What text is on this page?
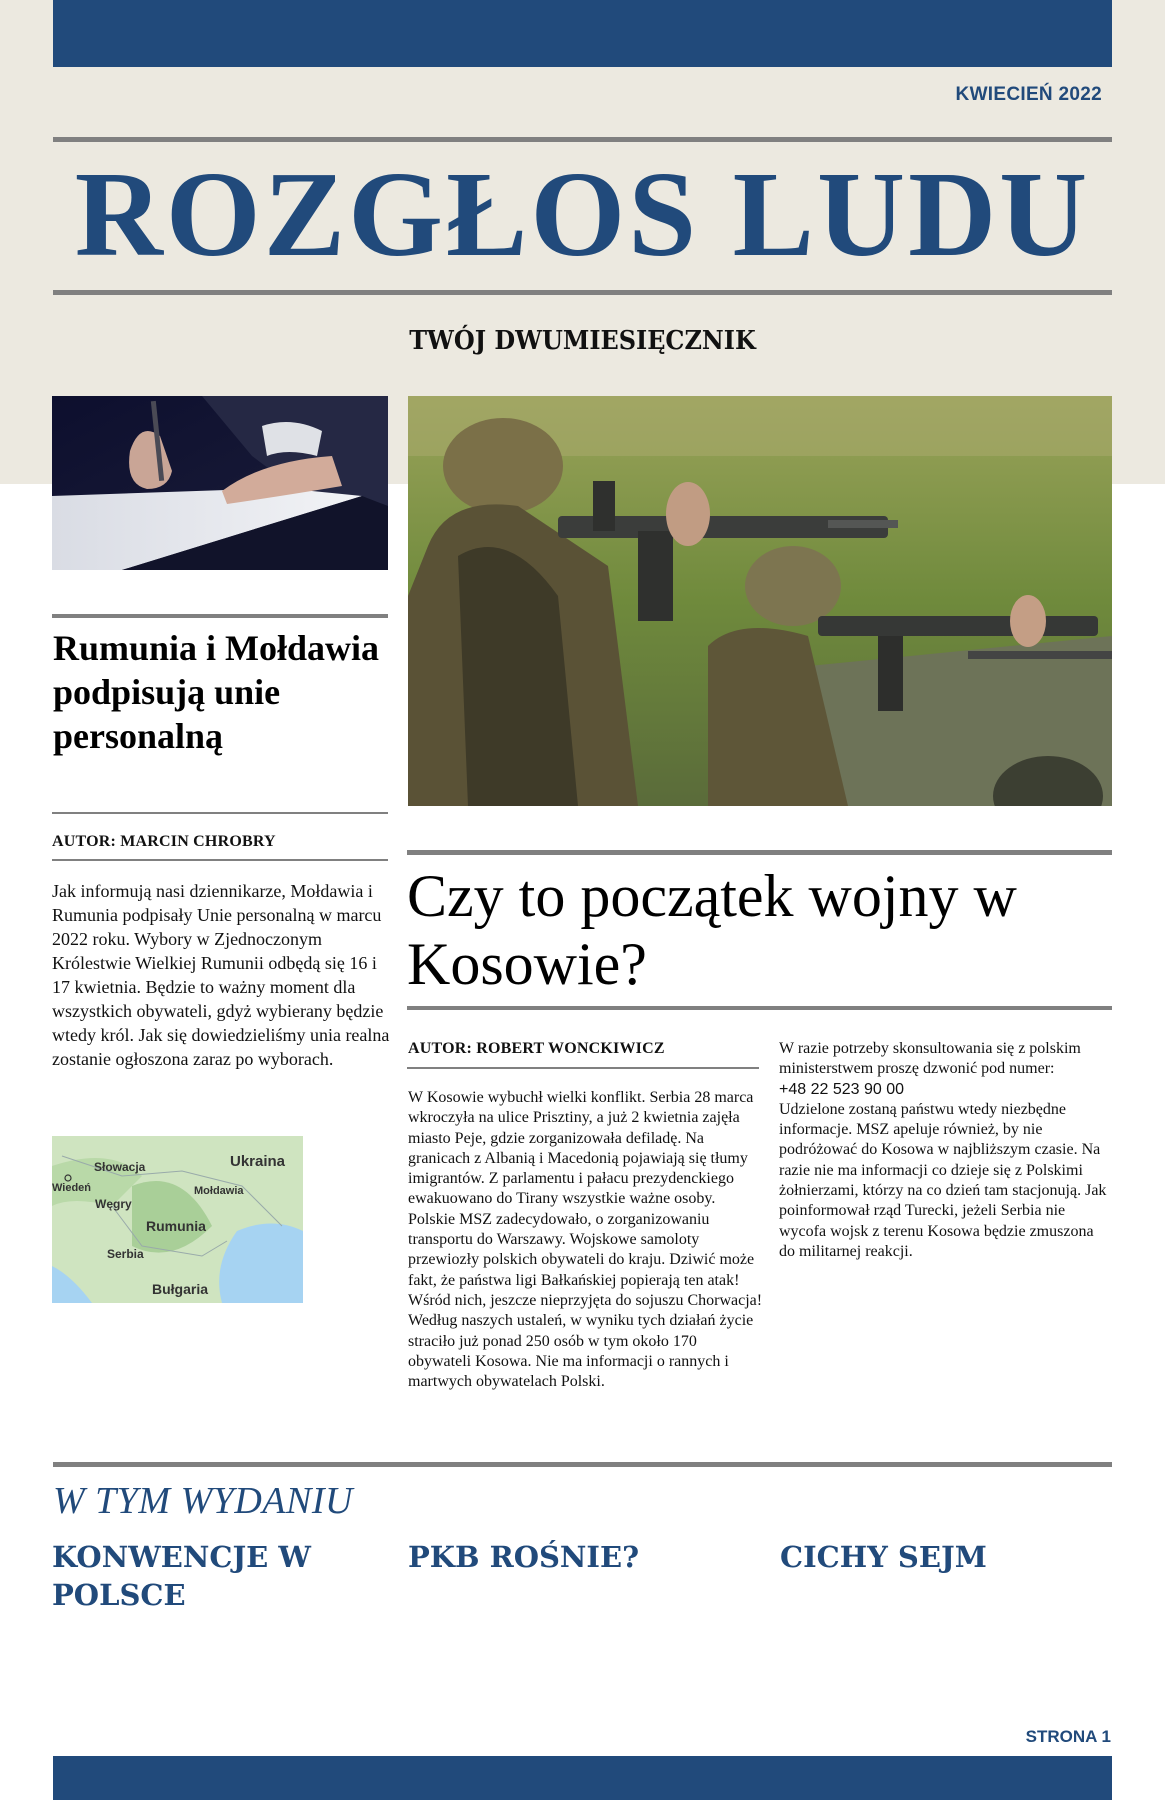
KWIECIEŃ 2022
ROZGŁOS LUDU
TWÓJ DWUMIESIĘCZNIK
Rumunia i Mołdawia podpisują unie personalną
AUTOR: MARCIN CHROBRY

Jak informują nasi dziennikarze, Mołdawia i Rumunia podpisały Unie personalną w marcu 2022 roku. Wybory w Zjednoczonym Królestwie Wielkiej Rumunii odbędą się 16 i 17 kwietnia. Będzie to ważny moment dla wszystkich obywateli, gdyż wybierany będzie wtedy król. Jak się dowiedzieliśmy unia realna zostanie ogłoszona zaraz po wyborach.

Słowacja	Ukraina
Wiedeń	Mołdawia
Węgry
Rumunia
Serbia
Bułgaria
Czy to początek wojny w Kosowie?
AUTOR: ROBERT WONCKIWICZ

W Kosowie wybuchł wielki konflikt. Serbia 28 marca wkroczyła na ulice Prisztiny, a już 2 kwietnia zajęła miasto Peje, gdzie zorganizowała defiladę. Na granicach z Albanią i Macedonią pojawiają się tłumy imigrantów. Z parlamentu i pałacu prezydenckiego ewakuowano do Tirany wszystkie ważne osoby. Polskie MSZ zadecydowało, o zorganizowaniu transportu do Warszawy. Wojskowe samoloty przewiozły polskich obywateli do kraju. Dziwić może fakt, że państwa ligi Bałkańskiej popierają ten atak! Wśród nich, jeszcze nieprzyjęta do sojuszu Chorwacja! Według naszych ustaleń, w wyniku tych działań życie straciło już ponad 250 osób w tym około 170 obywateli Kosowa. Nie ma informacji o rannych i martwych obywatelach Polski.

W razie potrzeby skonsultowania się z polskim ministerstwem proszę dzwonić pod numer:
+48 22 523 90 00
Udzielone zostaną państwu wtedy niezbędne informacje. MSZ apeluje również, by nie podróżować do Kosowa w najbliższym czasie. Na razie nie ma informacji co dzieje się z Polskimi żołnierzami, którzy na co dzień tam stacjonują. Jak poinformował rząd Turecki, jeżeli Serbia nie wycofa wojsk z terenu Kosowa będzie zmuszona do militarnej reakcji.
W TYM WYDANIU
KONWENCJE W POLSCE
PKB ROŚNIE?	CICHY SEJM
STRONA 1
